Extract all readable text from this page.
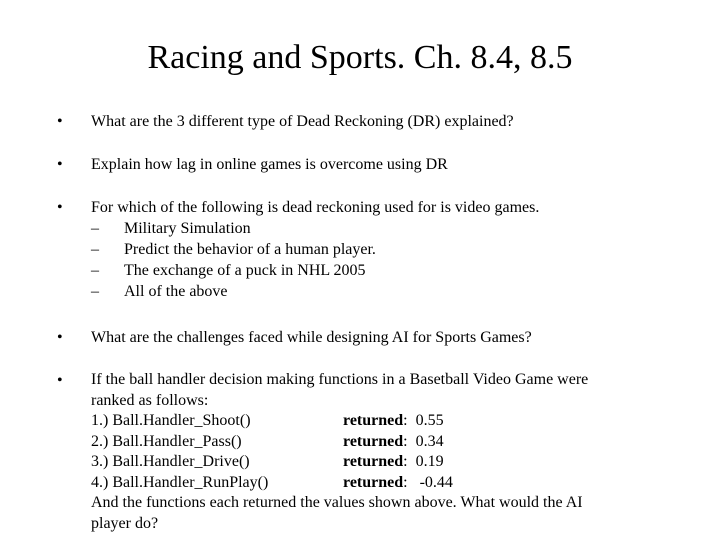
Racing and Sports. Ch. 8.4, 8.5
• What are the 3 different type of Dead Reckoning (DR) explained?
• Explain how lag in online games is overcome using DR
• For which of the following is dead reckoning used for is video games.
– Military Simulation
– Predict the behavior of a human player.
– The exchange of a puck in NHL 2005
– All of the above
• What are the challenges faced while designing AI for Sports Games?
• If the ball handler decision making functions in a Basetball Video Game were
ranked as follows:
1.) Ball.Handler_Shoot()	returned:  0.55
2.) Ball.Handler_Pass()	returned:  0.34
3.) Ball.Handler_Drive()	returned:  0.19
4.) Ball.Handler_RunPlay()	returned:   -0.44
And the functions each returned the values shown above. What would the AI
player do?
